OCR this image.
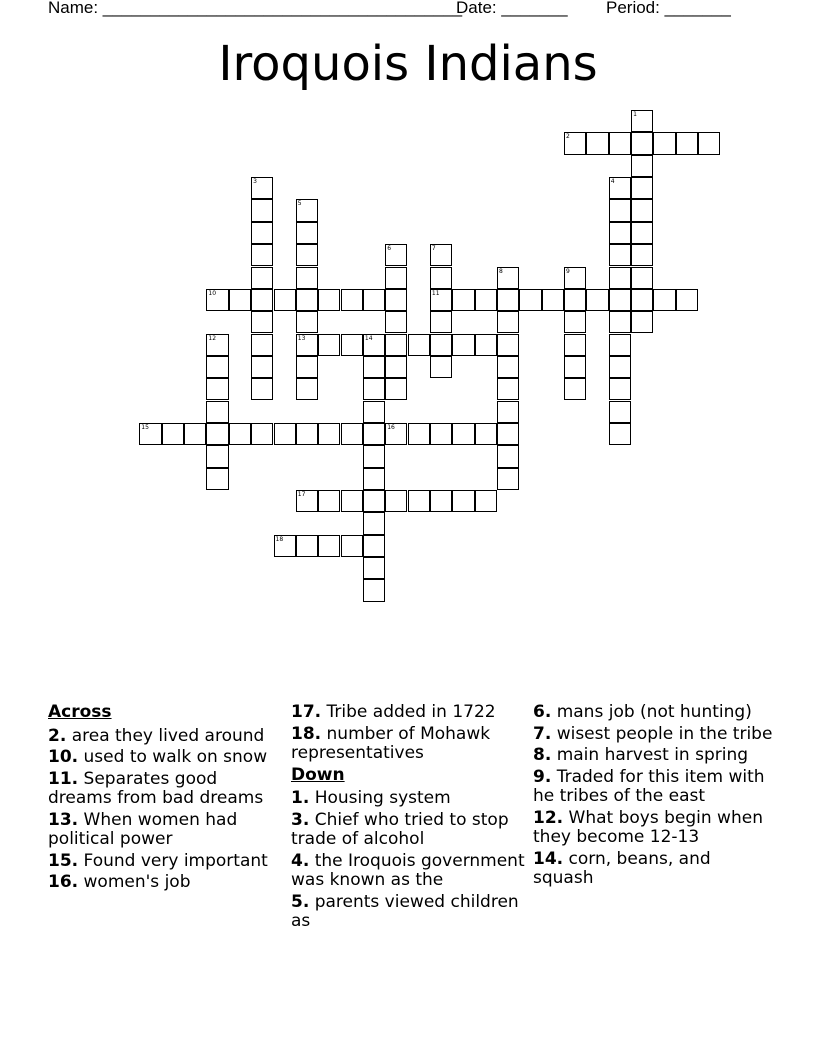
Name: ______________________________________

Date: _______

Period: _______

Iroquois Indians
1
2
3	4
5
13
6	7
11
8	9
10
12	14
15	16
17
18
Across
2. area they lived around
10. used to walk on snow
11. Separates good dreams from bad dreams
13. When women had political power
15. Found very important
16. women's job
17. Tribe added in 1722
18. number of Mohawk representatives
Down
1. Housing system
3. Chief who tried to stop trade of alcohol
4. the Iroquois government was known as the
5. parents viewed children as
6. mans job (not hunting)
7. wisest people in the tribe
8. main harvest in spring
9. Traded for this item with he tribes of the east
12. What boys begin when they become 12-13
14. corn, beans, and squash
